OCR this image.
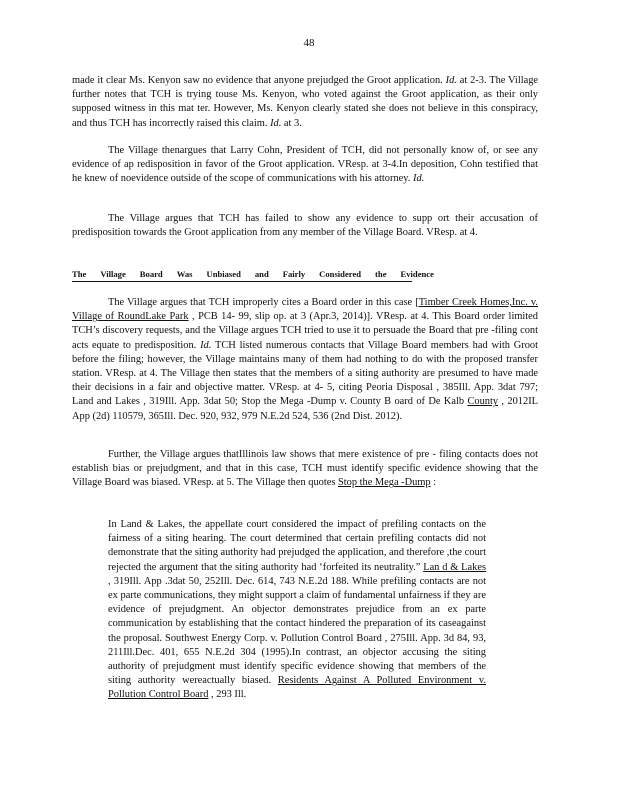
48

made it clear Ms. Kenyon saw no evidence that anyone prejudged the Groot application. Id. at 2-3. The Village further notes that TCH is trying touse Ms. Kenyon, who voted against the Groot application, as their only supposed witness in this mat ter. However, Ms. Kenyon clearly stated she does not believe in this conspiracy, and thus TCH has incorrectly raised this claim. Id. at 3.

The Village thenargues that Larry Cohn, President of TCH, did not personally know of, or see any evidence of ap redisposition in favor of the Groot application. VResp. at 3-4.In deposition, Cohn testified that he knew of noevidence outside of the scope of communications with his attorney. Id.

The Village argues that TCH has failed to show any evidence to supp ort their accusation of predisposition towards the Groot application from any member of the Village Board. VResp. at 4.

The Village Board Was Unbiased and Fairly Considered the Evidence

The Village argues that TCH improperly cites a Board order in this case [Timber Creek Homes,Inc. v. Village of RoundLake Park , PCB 14- 99, slip op. at 3 (Apr.3, 2014)]. VResp. at 4. This Board order limited TCH’s discovery requests, and the Village argues TCH tried to use it to persuade the Board that pre -filing cont acts equate to predisposition. Id. TCH listed numerous contacts that Village Board members had with Groot before the filing; however, the Village maintains many of them had nothing to do with the proposed transfer station. VResp. at 4. The Village then states that the members of a siting authority are presumed to have made their decisions in a fair and objective matter. VResp. at 4- 5, citing Peoria Disposal , 385Ill. App. 3dat 797; Land and Lakes , 319Ill. App. 3dat 50; Stop the Mega -Dump v. County B oard of De Kalb County , 2012IL App (2d) 110579, 365Ill. Dec. 920, 932, 979 N.E.2d 524, 536 (2nd Dist. 2012).

Further, the Village argues thatIllinois law shows that mere existence of pre - filing contacts does not establish bias or prejudgment, and that in this case, TCH must identify specific evidence showing that the Village Board was biased. VResp. at 5. The Village then quotes Stop the Mega -Dump :

In Land & Lakes, the appellate court considered the impact of prefiling contacts on the fairness of a siting hearing. The court determined that certain prefiling contacts did not demonstrate that the siting authority had prejudged the application, and therefore ,the court rejected the argument that the siting authority had ‘forfeited its neutrality.” Lan d & Lakes , 319Ill. App .3dat 50, 252Ill. Dec. 614, 743 N.E.2d 188. While prefiling contacts are not ex parte communications, they might support a claim of fundamental unfairness if they are evidence of prejudgment. An objector demonstrates prejudice from an ex parte communication by establishing that the contact hindered the preparation of its caseagainst the proposal. Southwest Energy Corp. v. Pollution Control Board , 275Ill. App. 3d 84, 93, 211Ill.Dec. 401, 655 N.E.2d 304 (1995).In contrast, an objector accusing the siting authority of prejudgment must identify specific evidence showing that members of the siting authority wereactually biased. Residents Against A Polluted Environment v. Pollution Control Board , 293 Ill.
